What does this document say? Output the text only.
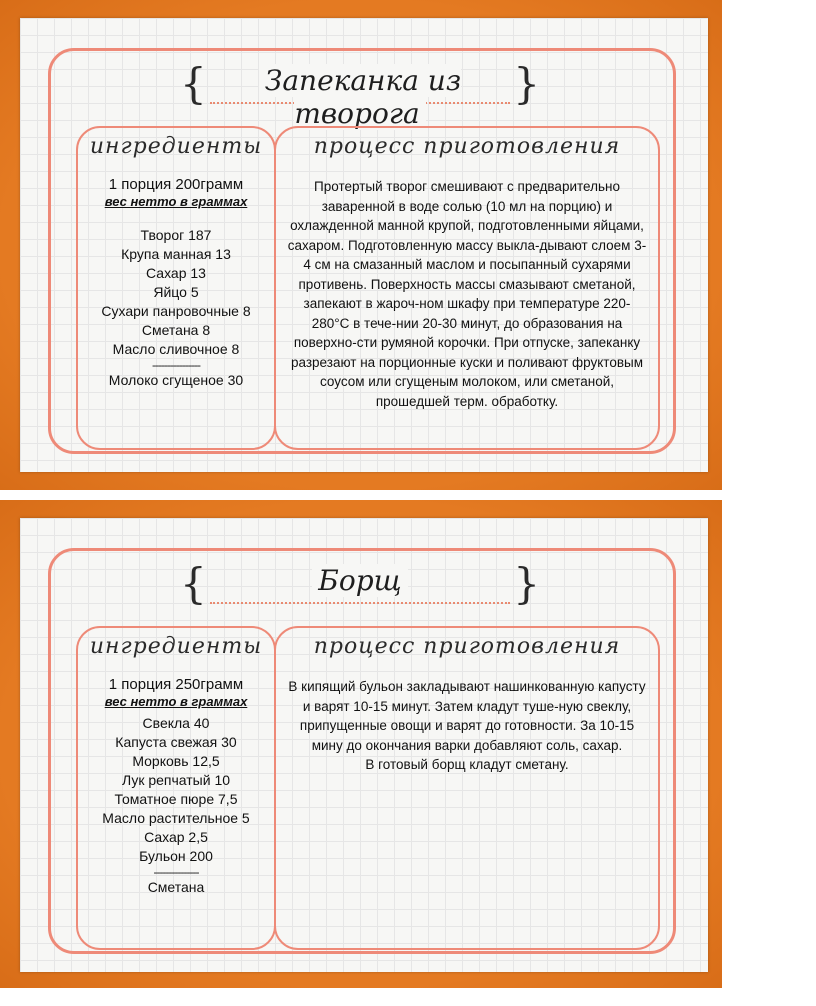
{	Запеканка из творога
}
ингредиенты
1 порция 200грамм
вес нетто в граммах
Творог 187
Крупа манная 13
Сахар 13
Яйцо 5
Сухари панровочные 8
Сметана 8
Масло сливочное 8
----------------
Молоко сгущеное 30
процесс приготовления
Протертый творог смешивают с предварительно заваренной в воде солью (10 мл на порцию) и охлажденной манной крупой, подготовленными яйцами, сахаром. Подготовленную массу выкла-дывают слоем 3-4 см на смазанный маслом и посыпанный сухарями противень. Поверхность массы смазывают сметаной, запекают в жароч-ном шкафу при температуре 220-280°С в тече-нии 20-30 минут, до образования на поверхно-сти румяной корочки. При отпуске, запеканку разрезают на порционные куски и поливают фруктовым соусом или сгущеным молоком, или сметаной, прошедшей терм. обработку.
{	Борщ	}
ингредиенты
1 порция 250грамм
вес нетто в граммах
Свекла 40
Капуста свежая 30
Морковь 12,5
Лук репчатый 10
Томатное пюре 7,5
Масло растительное 5
Сахар 2,5
Бульон 200
---------------
Сметана
процесс приготовления
В кипящий бульон закладывают нашинкованную капусту и варят 10-15 минут. Затем кладут туше-ную свеклу, припущенные овощи и варят до готовности. За 10-15 мину до окончания варки добавляют соль, сахар.
В готовый борщ кладут сметану.
